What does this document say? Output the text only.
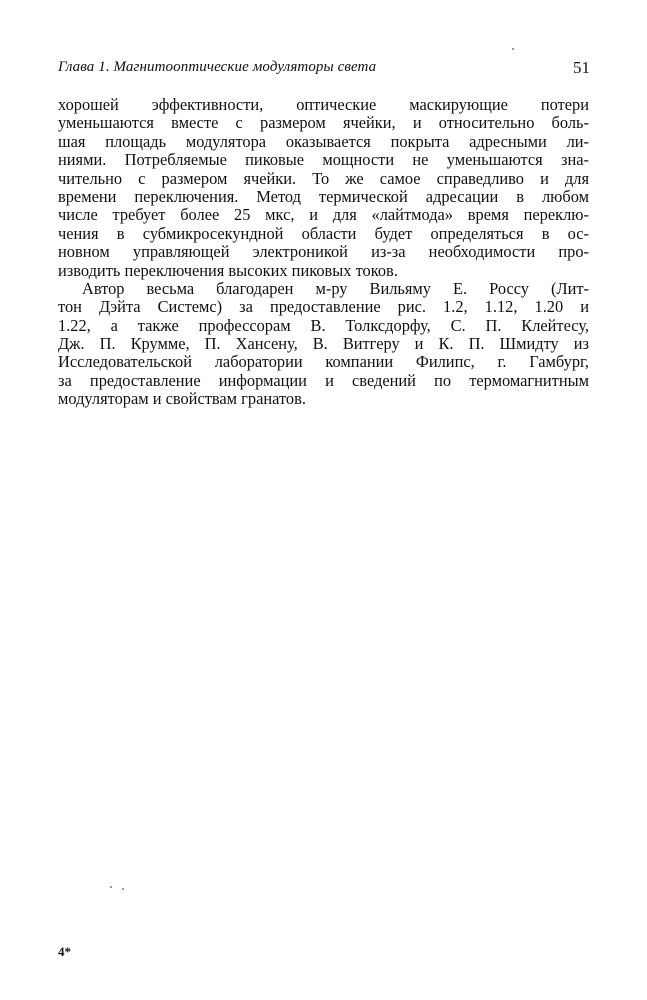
Глава 1. Магнитооптические модуляторы света	51
хорошей эффективности, оптические маскирующие потери
уменьшаются вместе с размером ячейки, и относительно боль-
шая площадь модулятора оказывается покрыта адресными ли-
ниями. Потребляемые пиковые мощности не уменьшаются зна-
чительно с размером ячейки. То же самое справедливо и для
времени переключения. Метод термической адресации в любом
числе требует более 25 мкс, и для «лайтмода» время переклю-
чения в субмикросекундной области будет определяться в ос-
новном управляющей электроникой из-за необходимости про-
изводить переключения высоких пиковых токов.
Автор весьма благодарен м-ру Вильяму Е. Россу (Лит-
тон Дэйта Системс) за предоставление рис. 1.2, 1.12, 1.20 и
1.22, а также профессорам В. Толксдорфу, С. П. Клейтесу,
Дж. П. Крумме, П. Хансену, В. Витгеру и К. П. Шмидту из
Исследовательской лаборатории компании Филипс, г. Гамбург,
за предоставление информации и сведений по термомагнитным
модуляторам и свойствам гранатов.
4*
